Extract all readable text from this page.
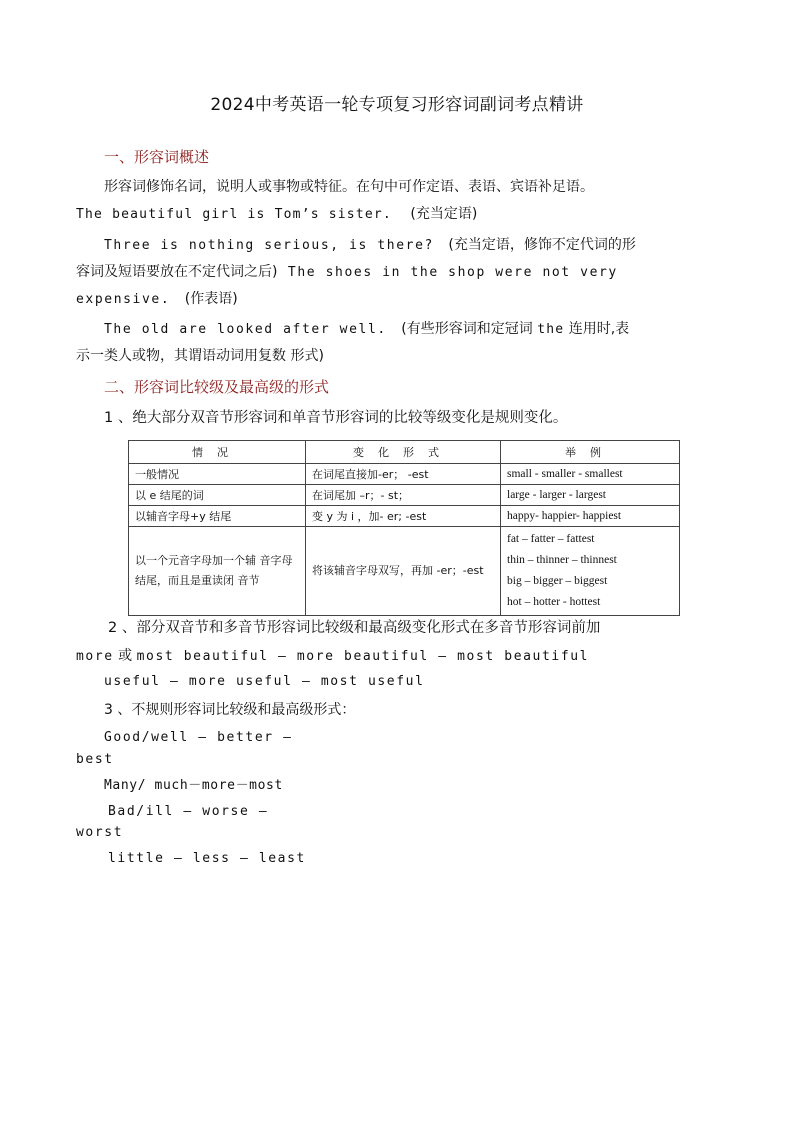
2024中考英语一轮专项复习形容词副词考点精讲
一、形容词概述
形容词修饰名词，说明人或事物或特征。在句中可作定语、表语、宾语补足语。
The beautiful girl is Tom’s sister. (充当定语)
Three is nothing serious, is there? (充当定语，修饰不定代词的形
容词及短语要放在不定代词之后) The shoes in the shop were not very
expensive. (作表语)
The old are looked after well. (有些形容词和定冠词 the 连用时,表
示一类人或物，其谓语动词用复数 形式)
二、形容词比较级及最高级的形式
1 、绝大部分双音节形容词和单音节形容词的比较等级变化是规则变化。
情况	变化形式	举例
一般情况	在词尾直接加-er； -est	small - smaller - smallest
以 e 结尾的词	在词尾加 –r；- st；	large - larger - largest
以辅音字母+y 结尾	变 y 为 i ，加- er; -est	happy- happier- happiest
以一个元音字母加一个辅 音字母结尾，而且是重读闭 音节	将该辅音字母双写，再加 -er；-est	fat – fatter – fattest
thin – thinner – thinnest
big – bigger – biggest
hot – hotter - hottest
2 、部分双音节和多音节形容词比较级和最高级变化形式在多音节形容词前加
more 或 most beautiful – more beautiful – most beautiful
useful – more useful – most useful
3 、不规则形容词比较级和最高级形式：
Good/well – better –
best
Many/ much－more－most
Bad/ill – worse –
worst
little – less – least
